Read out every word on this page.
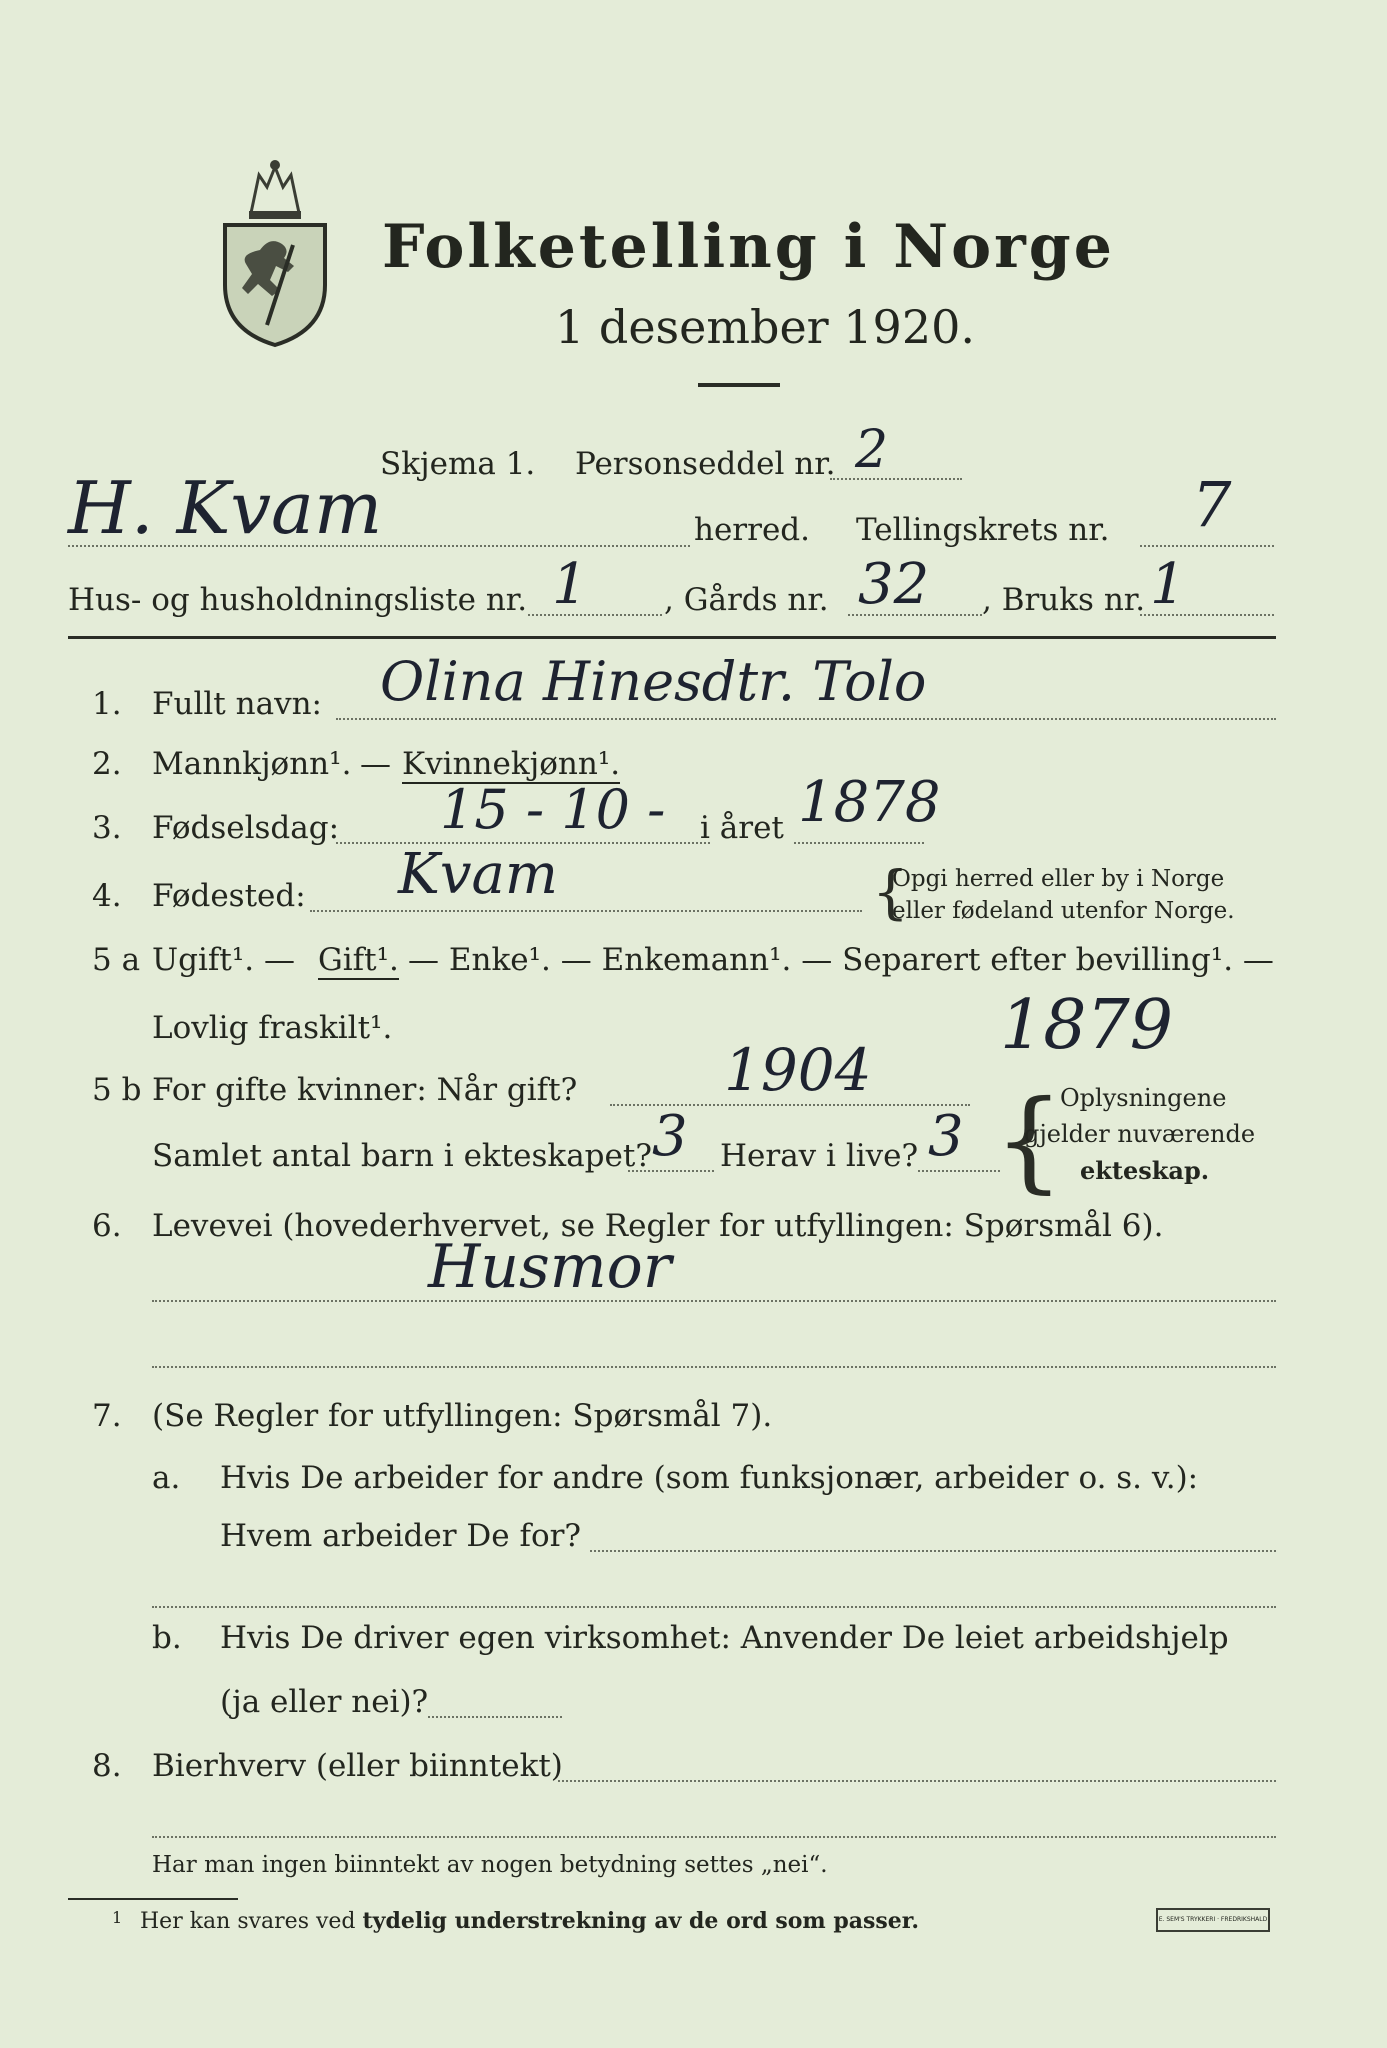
Folketelling i Norge
1 desember 1920.
Skjema 1. Personseddel nr. 2
H. Kvam	herred. Tellingskrets nr. 7
Hus- og husholdningsliste nr. 1 , Gårds nr. 32 , Bruks nr. 1
1. Fullt navn: Olina Hinesdtr. Tolo
2. Mannkjønn¹. — Kvinnekjønn¹.
3. Fødselsdag: 15 - 10 - i året 1878
4. Fødested: Kvam	{
Opgi herred eller by i Norge
eller fødeland utenfor Norge.
5 a Ugift¹. — Gift¹. — Enke¹. — Enkemann¹. — Separert efter bevilling¹. —
Lovlig fraskilt¹.	1879
5 b For gifte kvinner: Når gift?	1904
Samlet antal barn i ekteskapet? 3 Herav i live? 3 {
Oplysningene
gjelder nuværende
ekteskap.
6. Levevei (hovederhvervet, se Regler for utfyllingen: Spørsmål 6).
Husmor
7. (Se Regler for utfyllingen: Spørsmål 7).
a. Hvis De arbeider for andre (som funksjonær, arbeider o. s. v.):
Hvem arbeider De for?
b. Hvis De driver egen virksomhet: Anvender De leiet arbeidshjelp
(ja eller nei)?
8. Bierhverv (eller biinntekt)
Har man ingen biinntekt av nogen betydning settes „nei“.
1 Her kan svares ved tydelig understrekning av de ord som passer.	E. SEM'S TRYKKERI · FREDRIKSHALD
